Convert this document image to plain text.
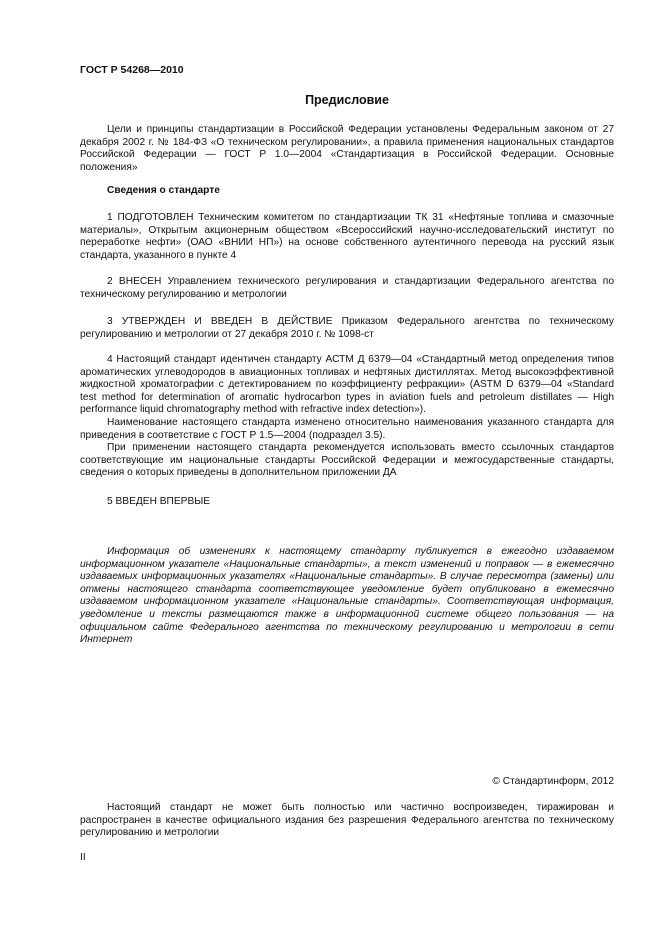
ГОСТ Р 54268—2010
Предисловие

Цели и принципы стандартизации в Российской Федерации установлены Федеральным законом от 27 декабря 2002 г. № 184-ФЗ «О техническом регулировании», а правила применения национальных стандартов Российской Федерации — ГОСТ Р 1.0—2004 «Стандартизация в Российской Федерации. Основные положения»

Сведения о стандарте

1 ПОДГОТОВЛЕН Техническим комитетом по стандартизации ТК 31 «Нефтяные топлива и смазочные материалы», Открытым акционерным обществом «Всероссийский научно-исследовательский институт по переработке нефти» (ОАО «ВНИИ НП») на основе собственного аутентичного перевода на русский язык стандарта, указанного в пункте 4

2 ВНЕСЕН Управлением технического регулирования и стандартизации Федерального агентства по техническому регулированию и метрологии

3 УТВЕРЖДЕН И ВВЕДЕН В ДЕЙСТВИЕ Приказом Федерального агентства по техническому регулированию и метрологии от 27 декабря 2010 г. № 1098-ст

4 Настоящий стандарт идентичен стандарту АСТМ Д 6379—04 «Стандартный метод определения типов ароматических углеводородов в авиационных топливах и нефтяных дистиллятах. Метод высокоэффективной жидкостной хроматографии с детектированием по коэффициенту рефракции» (ASTM D 6379—04 «Standard test method for determination of aromatic hydrocarbon types in aviation fuels and petroleum distillates — High performance liquid chromatography method with refractive index detection»).

Наименование настоящего стандарта изменено относительно наименования указанного стандарта для приведения в соответствие с ГОСТ Р 1.5—2004 (подраздел 3.5).

При применении настоящего стандарта рекомендуется использовать вместо ссылочных стандартов соответствующие им национальные стандарты Российской Федерации и межгосударственные стандарты, сведения о которых приведены в дополнительном приложении ДА

5 ВВЕДЕН ВПЕРВЫЕ

Информация об изменениях к настоящему стандарту публикуется в ежегодно издаваемом информационном указателе «Национальные стандарты», а текст изменений и поправок — в ежемесячно издаваемых информационных указателях «Национальные стандарты». В случае пересмотра (замены) или отмены настоящего стандарта соответствующее уведомление будет опубликовано в ежемесячно издаваемом информационном указателе «Национальные стандарты». Соответствующая информация, уведомление и тексты размещаются также в информационной системе общего пользования — на официальном сайте Федерального агентства по техническому регулированию и метрологии в сети Интернет

© Стандартинформ, 2012

Настоящий стандарт не может быть полностью или частично воспроизведен, тиражирован и распространен в качестве официального издания без разрешения Федерального агентства по техническому регулированию и метрологии

II
